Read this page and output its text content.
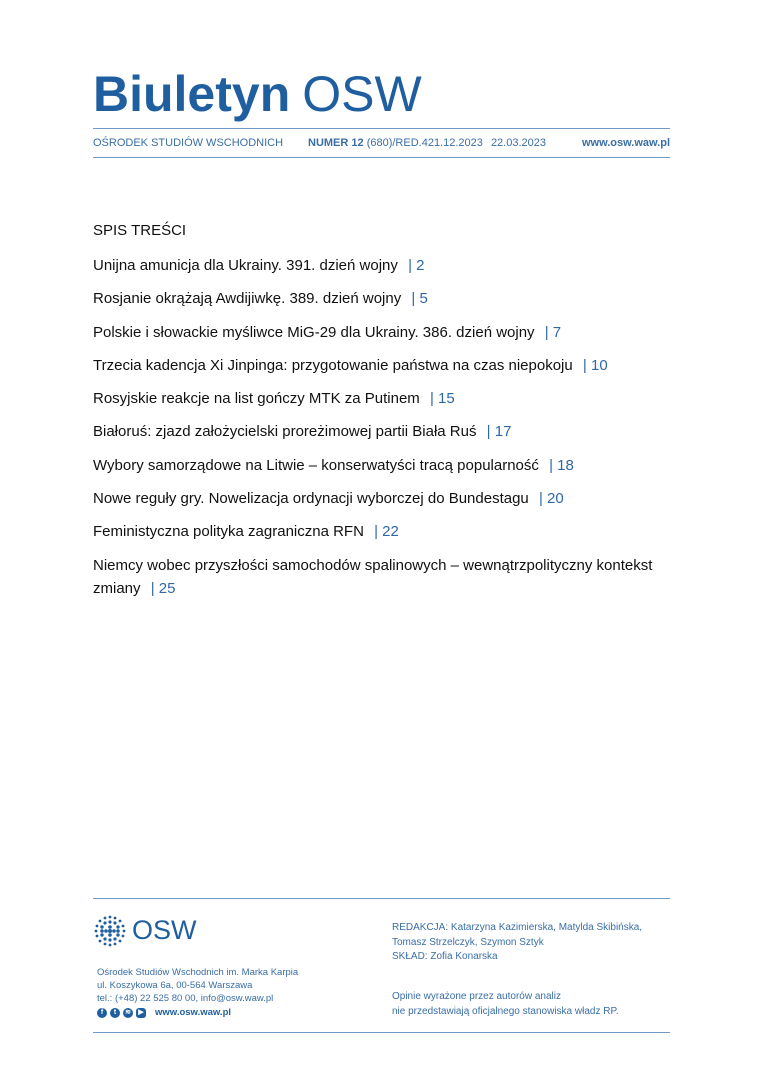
Biuletyn OSW
OŚRODEK STUDIÓW WSCHODNICH NUMER 12 (680)/RED.421.12.2023 22.03.2023	www.osw.waw.pl
SPIS TREŚCI
Unijna amunicja dla Ukrainy. 391. dzień wojny | 2
Rosjanie okrążają Awdijiwkę. 389. dzień wojny | 5
Polskie i słowackie myśliwce MiG-29 dla Ukrainy. 386. dzień wojny | 7
Trzecia kadencja Xi Jinpinga: przygotowanie państwa na czas niepokoju | 10
Rosyjskie reakcje na list gończy MTK za Putinem | 15
Białoruś: zjazd założycielski proreżimowej partii Biała Ruś | 17
Wybory samorządowe na Litwie – konserwatyści tracą popularność | 18
Nowe reguły gry. Nowelizacja ordynacji wyborczej do Bundestagu | 20
Feministyczna polityka zagraniczna RFN | 22
Niemcy wobec przyszłości samochodów spalinowych – wewnątrzpolityczny kontekst zmiany | 25
OSW
Ośrodek Studiów Wschodnich im. Marka Karpia
ul. Koszykowa 6a, 00-564 Warszawa
tel.: (+48) 22 525 80 00, info@osw.waw.pl
f	t	≋	▶ www.osw.waw.pl
REDAKCJA: Katarzyna Kazimierska, Matylda Skibińska,
Tomasz Strzelczyk, Szymon Sztyk
SKŁAD: Zofia Konarska
Opinie wyrażone przez autorów analiz
nie przedstawiają oficjalnego stanowiska władz RP.
